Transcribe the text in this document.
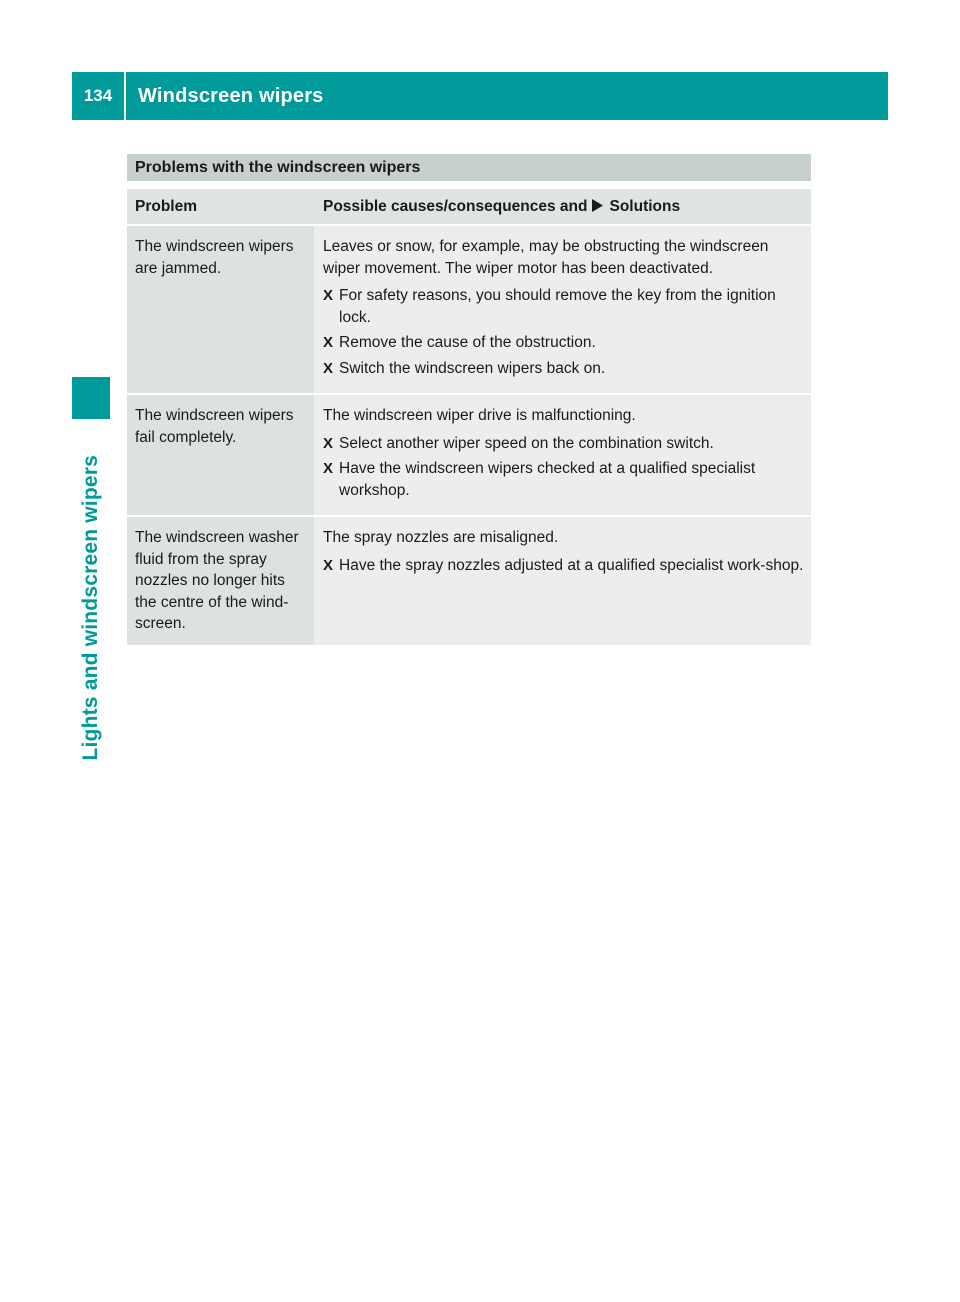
134	Windscreen wipers
Lights and windscreen wipers
Problems with the windscreen wipers
Problem	Possible causes/consequences and Solutions
The windscreen wipers are jammed.
Leaves or snow, for example, may be obstructing the windscreen wiper movement. The wiper motor has been deactivated.
X For safety reasons, you should remove the key from the ignition lock.
X Remove the cause of the obstruction.
X Switch the windscreen wipers back on.
The windscreen wipers fail completely.
The windscreen wiper drive is malfunctioning.
X Select another wiper speed on the combination switch.
X Have the windscreen wipers checked at a qualified specialist workshop.
The windscreen washer fluid from the spray nozzles no longer hits the centre of the wind-screen.
The spray nozzles are misaligned.
X Have the spray nozzles adjusted at a qualified specialist work-shop.
